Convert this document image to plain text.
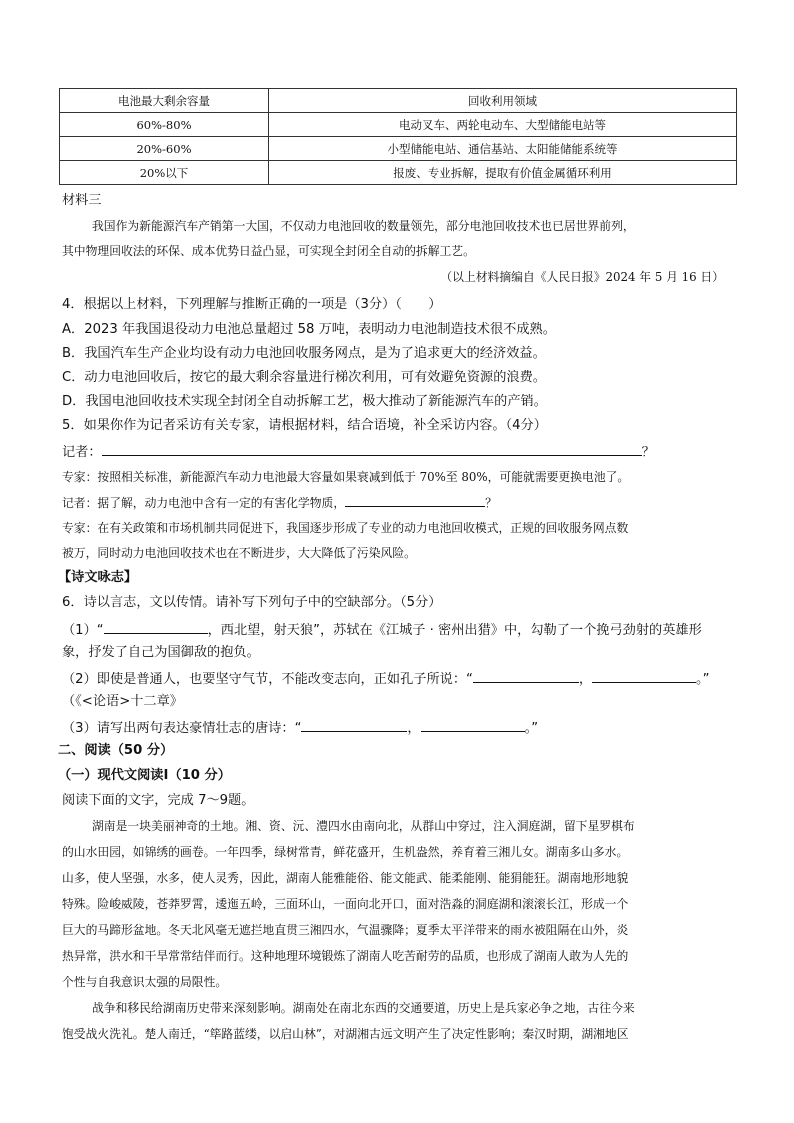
电池最大剩余容量	回收利用领域
60%-80%	电动叉车、两轮电动车、大型储能电站等
20%-60%	小型储能电站、通信基站、太阳能储能系统等
20%以下	报废、专业拆解，提取有价值金属循环利用
材料三
我国作为新能源汽车产销第一大国，不仅动力电池回收的数量领先，部分电池回收技术也已居世界前列，
其中物理回收法的环保、成本优势日益凸显，可实现全封闭全自动的拆解工艺。
（以上材料摘编自《人民日报》2024 年 5 月 16 日）
4．根据以上材料，下列理解与推断正确的一项是（3分）（　　）
A．2023 年我国退役动力电池总量超过 58 万吨，表明动力电池制造技术很不成熟。
B．我国汽车生产企业均设有动力电池回收服务网点，是为了追求更大的经济效益。
C．动力电池回收后，按它的最大剩余容量进行梯次利用，可有效避免资源的浪费。
D．我国电池回收技术实现全封闭全自动拆解工艺，极大推动了新能源汽车的产销。
5．如果你作为记者采访有关专家，请根据材料，结合语境，补全采访内容。（4分）
记者：	？
专家：按照相关标准，新能源汽车动力电池最大容量如果衰减到低于 70%至 80%，可能就需要更换电池了。
记者：据了解，动力电池中含有一定的有害化学物质，	？
专家：在有关政策和市场机制共同促进下，我国逐步形成了专业的动力电池回收模式，正规的回收服务网点数
被万，同时动力电池回收技术也在不断进步，大大降低了污染风险。
【诗文咏志】
6．诗以言志，文以传情。请补写下列句子中的空缺部分。（5分）
（1）“	，西北望，射天狼”，苏轼在《江城子 · 密州出猎》中，勾勒了一个挽弓劲射的英雄形
象，抒发了自己为国御敌的抱负。
（2）即使是普通人，也要坚守气节，不能改变志向，正如孔子所说：“	，	。”
（《<论语>十二章》
（3）请写出两句表达豪情壮志的唐诗：“	，	。”
二、阅读（50 分）
（一）现代文阅读Ⅰ（10 分）
阅读下面的文字，完成 7～9题。
湖南是一块美丽神奇的土地。湘、资、沅、澧四水由南向北，从群山中穿过，注入洞庭湖，留下星罗棋布
的山水田园，如锦绣的画卷。一年四季，绿树常青，鲜花盛开，生机盎然，养育着三湘儿女。湖南多山多水。
山多，使人坚强，水多，使人灵秀，因此，湖南人能雅能俗、能文能武、能柔能刚、能狷能狂。湖南地形地貌
特殊。险峻威陵，苍莽罗霄，逶迤五岭，三面环山，一面向北开口，面对浩淼的洞庭湖和滚滚长江，形成一个
巨大的马蹄形盆地。冬天北风毫无遮拦地直贯三湘四水，气温骤降；夏季太平洋带来的雨水被阻隔在山外，炎
热异常，洪水和干旱常常结伴而行。这种地理环境锻炼了湖南人吃苦耐劳的品质，也形成了湖南人敢为人先的
个性与自我意识太强的局限性。
战争和移民给湖南历史带来深刻影响。湖南处在南北东西的交通要道，历史上是兵家必争之地，古往今来
饱受战火洗礼。楚人南迁，“筚路蓝缕，以启山林”，对湖湘古远文明产生了决定性影响；秦汉时期，湖湘地区
